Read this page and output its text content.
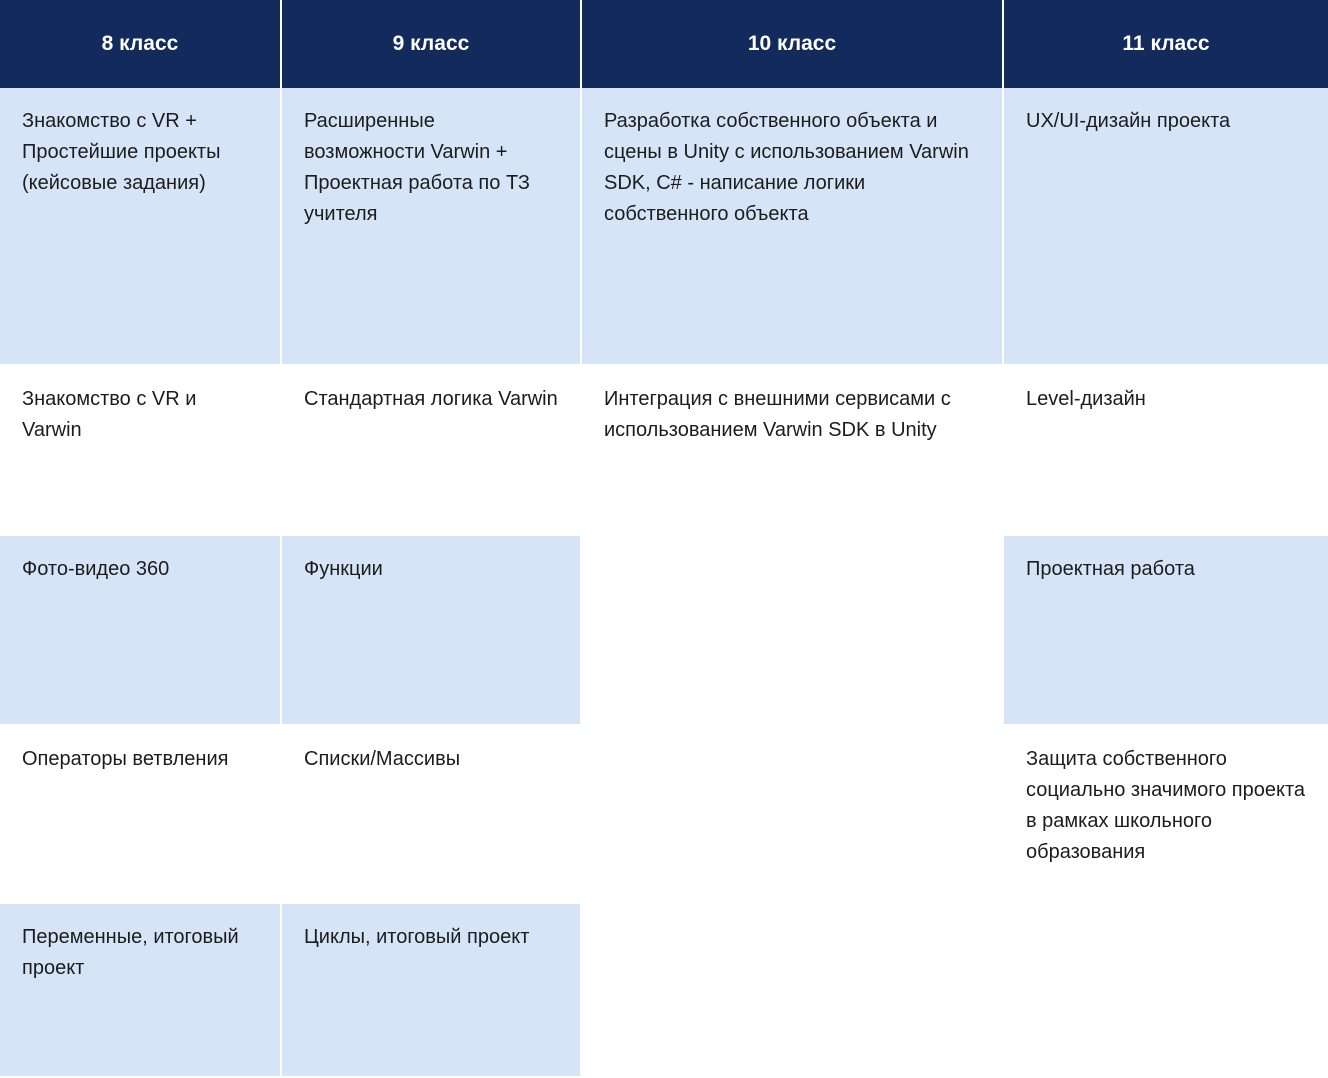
8 класс	9 класс	10 класс	11 класс

Знакомство с VR + Простейшие проекты (кейсовые задания)	Расширенные возможности Varwin + Проектная работа по ТЗ учителя	Разработка собственного объекта и сцены в Unity с использованием Varwin SDK, C# - написание логики собственного объекта	UX/UI-дизайн проекта

Знакомство с VR и Varwin	Стандартная логика Varwin	Интеграция с внешними сервисами с использованием Varwin SDK в Unity	Level-дизайн

Фото-видео 360	Функции		Проектная работа

Операторы ветвления	Списки/Массивы		Защита собственного социально значимого проекта в рамках школьного образования

Переменные, итоговый проект	Циклы, итоговый проект		
